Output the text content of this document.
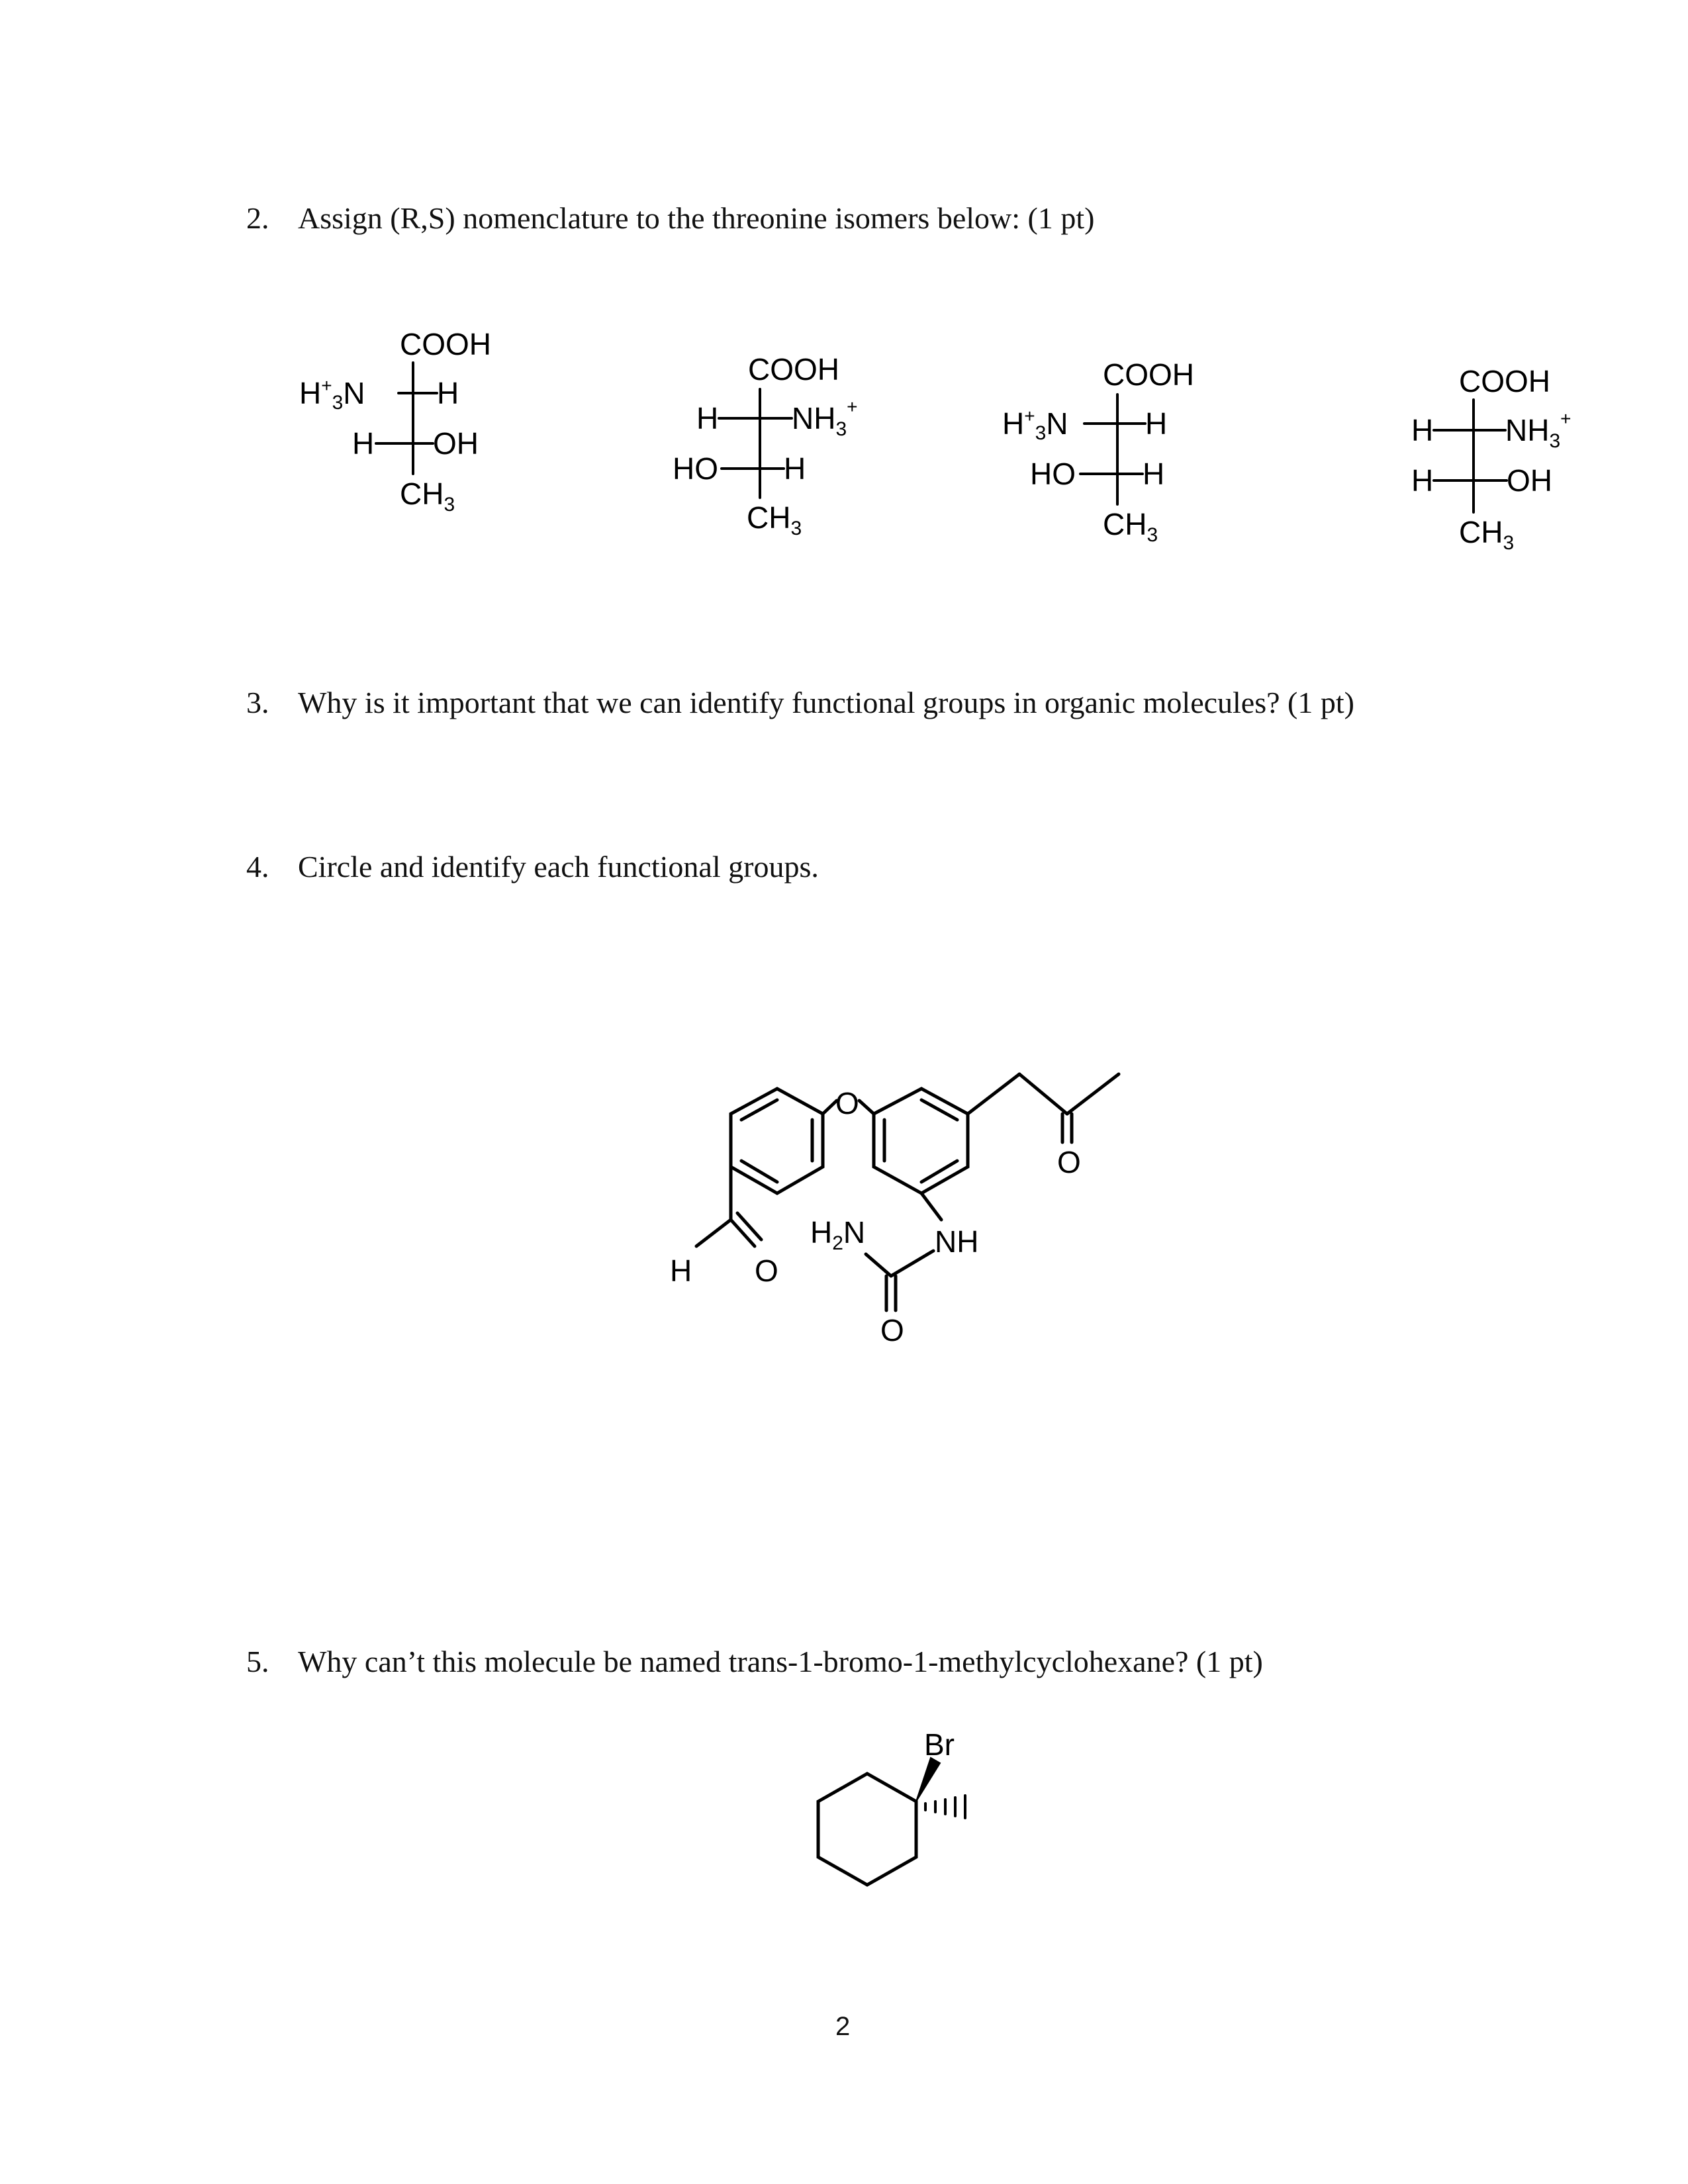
2. Assign (R,S) nomenclature to the threonine isomers below: (1 pt)
3. Why is it important that we can identify functional groups in organic molecules? (1 pt)
4. Circle and identify each functional groups.
5. Why can’t this molecule be named trans-1-bromo-1-methylcyclohexane? (1 pt)
COOH
$H^+_3N$ H
H OH
$CH_3$
COOH
H $NH_3^+$
HO H
$CH_3$
COOH
$H^+_3N$	H
HO H
$CH_3$
COOH
H $NH_3^+$
H OH
$CH_3$
O
O
H O
$H_2N$ NH
O
Br
2
